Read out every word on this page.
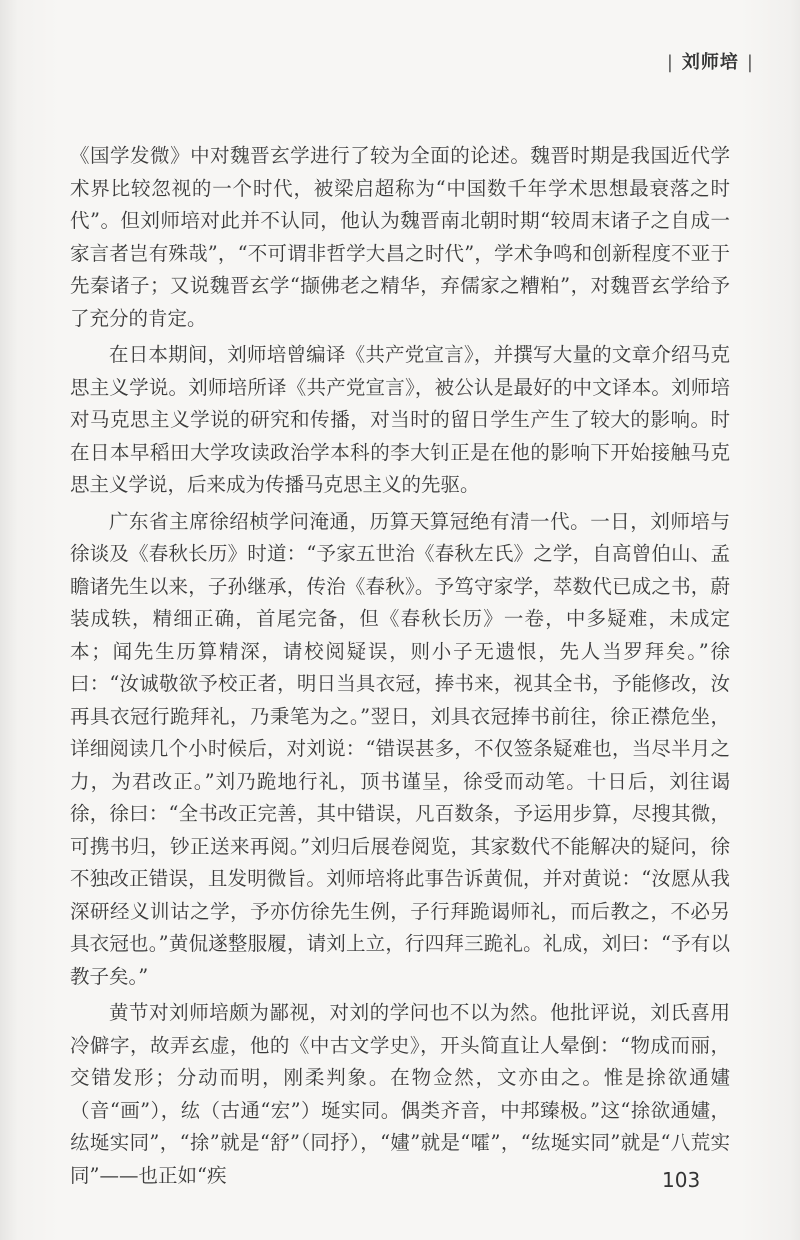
| 刘师培 |

《国学发微》中对魏晋玄学进行了较为全面的论述。魏晋时期是我国近代学术界比较忽视的一个时代，被梁启超称为“中国数千年学术思想最衰落之时代”。但刘师培对此并不认同，他认为魏晋南北朝时期“较周末诸子之自成一家言者岂有殊哉”，“不可谓非哲学大昌之时代”，学术争鸣和创新程度不亚于先秦诸子；又说魏晋玄学“撷佛老之精华，弃儒家之糟粕”，对魏晋玄学给予了充分的肯定。

在日本期间，刘师培曾编译《共产党宣言》，并撰写大量的文章介绍马克思主义学说。刘师培所译《共产党宣言》，被公认是最好的中文译本。刘师培对马克思主义学说的研究和传播，对当时的留日学生产生了较大的影响。时在日本早稻田大学攻读政治学本科的李大钊正是在他的影响下开始接触马克思主义学说，后来成为传播马克思主义的先驱。

广东省主席徐绍桢学问淹通，历算天算冠绝有清一代。一日，刘师培与徐谈及《春秋长历》时道：“予家五世治《春秋左氏》之学，自高曾伯山、孟瞻诸先生以来，子孙继承，传治《春秋》。予笃守家学，萃数代已成之书，蔚装成轶，精细正确，首尾完备，但《春秋长历》一卷，中多疑难，未成定本；闻先生历算精深，请校阅疑误，则小子无遗恨，先人当罗拜矣。”徐曰：“汝诚敬欲予校正者，明日当具衣冠，捧书来，视其全书，予能修改，汝再具衣冠行跪拜礼，乃秉笔为之。”翌日，刘具衣冠捧书前往，徐正襟危坐，详细阅读几个小时候后，对刘说：“错误甚多，不仅签条疑难也，当尽半月之力，为君改正。”刘乃跪地行礼，顶书谨呈，徐受而动笔。十日后，刘往谒徐，徐曰：“全书改正完善，其中错误，凡百数条，予运用步算，尽搜其微，可携书归，钞正送来再阅。”刘归后展卷阅览，其家数代不能解决的疑问，徐不独改正错误，且发明微旨。刘师培将此事告诉黄侃，并对黄说：“汝愿从我深研经义训诂之学，予亦仿徐先生例，子行拜跪谒师礼，而后教之，不必另具衣冠也。”黄侃遂整服履，请刘上立，行四拜三跪礼。礼成，刘曰：“予有以教子矣。”

黄节对刘师培颇为鄙视，对刘的学问也不以为然。他批评说，刘氏喜用冷僻字，故弄玄虚，他的《中古文学史》，开头简直让人晕倒：“物成而丽，交错发形；分动而明，刚柔判象。在物佥然，文亦由之。惟是捈欲通嫿（音“画”），纮（古通“宏”）埏实同。偶类齐音，中邦臻极。”这“捈欲通嫿，纮埏实同”，“捈”就是“舒”（同抒），“嫿”就是“嚯”，“纮埏实同”就是“八荒实同”——也正如“疾	103
